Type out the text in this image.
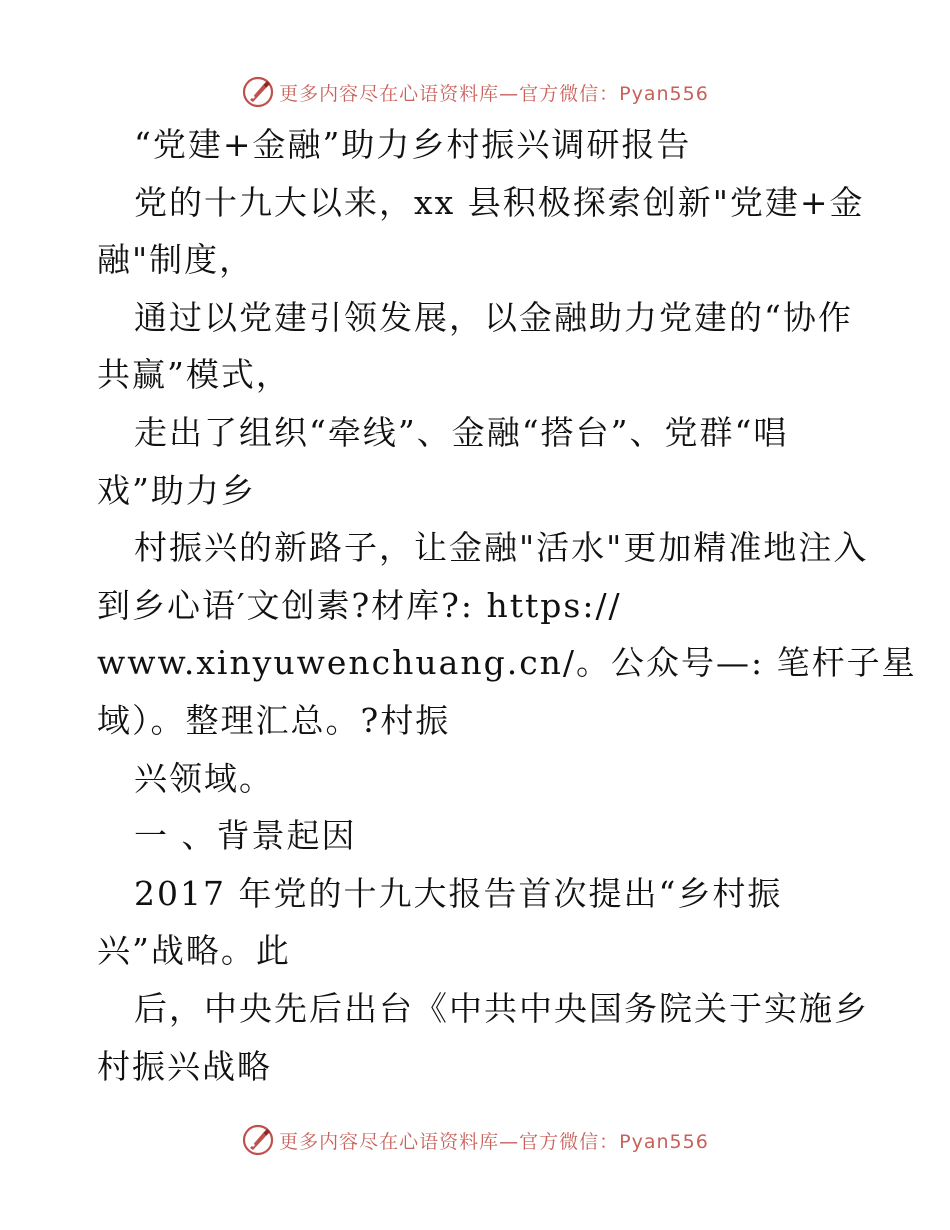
更多内容尽在心语资料库—官方微信：Pyan556
“党建+金融”助力乡村振兴调研报告
党的十九大以来，xx 县积极探索创新"党建+金
融"制度，
通过以党建引领发展，以金融助力党建的“协作
共赢”模式，
走出了组织“牵线”、金融“搭台”、党群“唱
戏”助力乡
村振兴的新路子，让金融"活水"更加精准地注入
到乡心语′文创素?材库?: https://
www.xinyuwenchuang.cn/。公众号—: 笔杆子星
域）。整理汇总。?村振
兴领域。
一 、背景起因
2017 年党的十九大报告首次提出“乡村振
兴”战略。此
后，中央先后出台《中共中央国务院关于实施乡
村振兴战略
更多内容尽在心语资料库—官方微信：Pyan556
